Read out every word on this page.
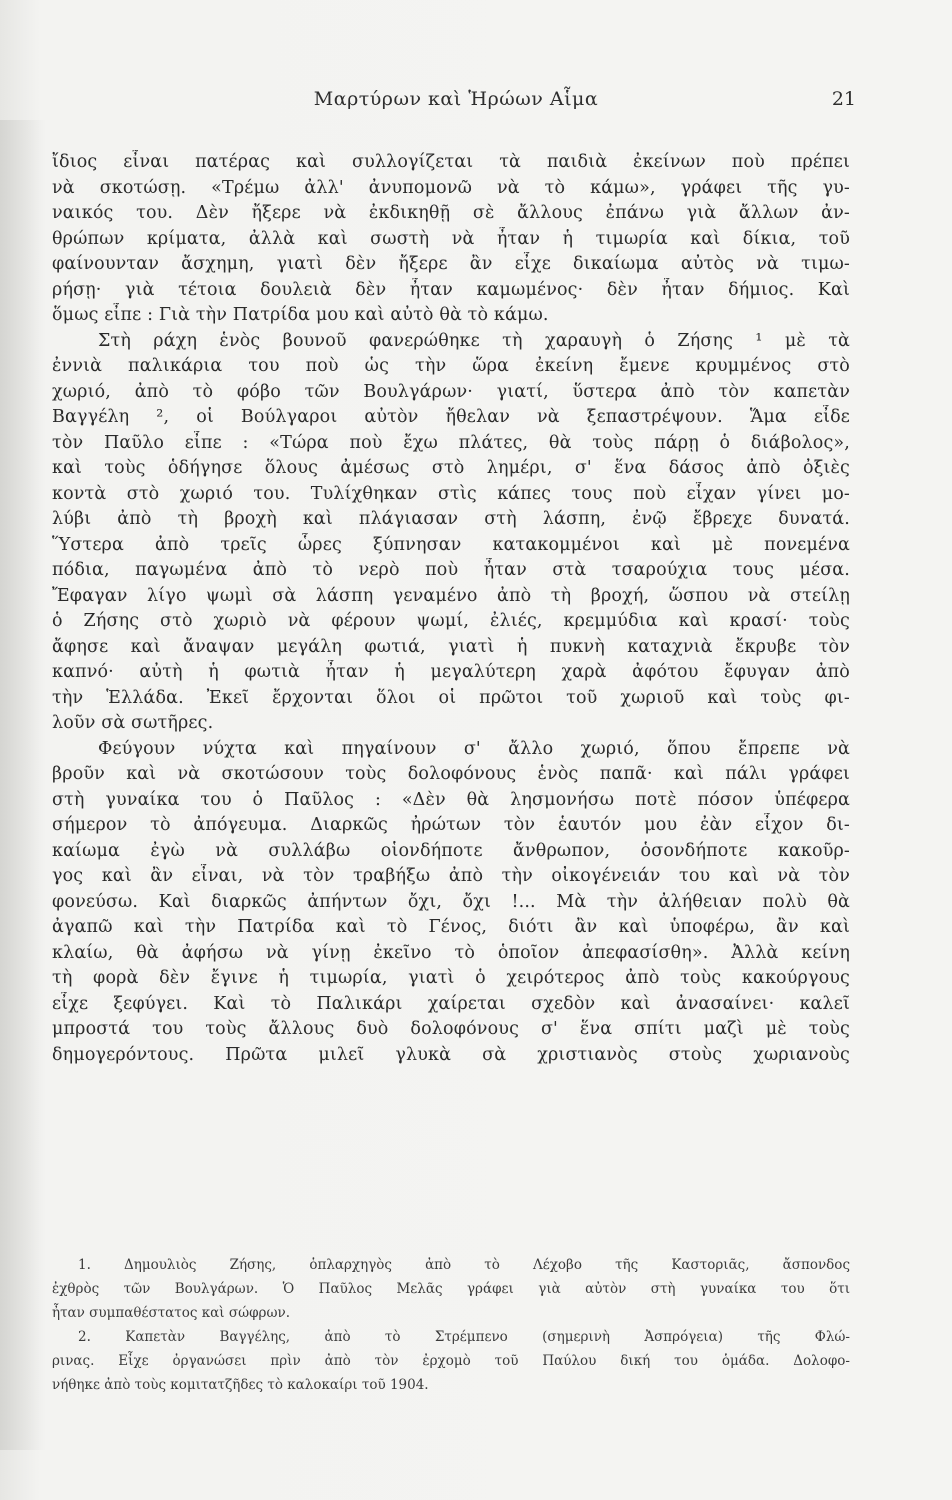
Μαρτύρων καὶ Ἡρώων Αἷμα	21
ἴδιος εἶναι πατέρας καὶ συλλογίζεται τὰ παιδιὰ ἐκείνων ποὺ πρέπει
νὰ σκοτώσῃ. «Τρέμω ἀλλ' ἀνυπομονῶ νὰ τὸ κάμω», γράφει τῆς γυ-
ναικός του. Δὲν ἤξερε νὰ ἐκδικηθῇ σὲ ἄλλους ἐπάνω γιὰ ἄλλων ἀν-
θρώπων κρίματα, ἀλλὰ καὶ σωστὴ νὰ ἦταν ἡ τιμωρία καὶ δίκια, τοῦ
φαίνουνταν ἄσχημη, γιατὶ δὲν ἤξερε ἂν εἶχε δικαίωμα αὐτὸς νὰ τιμω-
ρήσῃ· γιὰ τέτοια δουλειὰ δὲν ἦταν καμωμένος· δὲν ἦταν δήμιος. Καὶ
ὅμως εἶπε : Γιὰ τὴν Πατρίδα μου καὶ αὐτὸ θὰ τὸ κάμω.
Στὴ ράχη ἑνὸς βουνοῦ φανερώθηκε τὴ χαραυγὴ ὁ Ζήσης ¹ μὲ τὰ
ἐννιὰ παλικάρια του ποὺ ὡς τὴν ὥρα ἐκείνη ἔμενε κρυμμένος στὸ
χωριό, ἀπὸ τὸ φόβο τῶν Βουλγάρων· γιατί, ὕστερα ἀπὸ τὸν καπετὰν
Βαγγέλη ², οἱ Βούλγαροι αὐτὸν ἤθελαν νὰ ξεπαστρέψουν. Ἅμα εἶδε
τὸν Παῦλο εἶπε : «Τώρα ποὺ ἔχω πλάτες, θὰ τοὺς πάρῃ ὁ διάβολος»,
καὶ τοὺς ὁδήγησε ὅλους ἀμέσως στὸ λημέρι, σ' ἕνα δάσος ἀπὸ ὀξιὲς
κοντὰ στὸ χωριό του. Τυλίχθηκαν στὶς κάπες τους ποὺ εἶχαν γίνει μο-
λύβι ἀπὸ τὴ βροχὴ καὶ πλάγιασαν στὴ λάσπη, ἐνῷ ἔβρεχε δυνατά.
Ὕστερα ἀπὸ τρεῖς ὧρες ξύπνησαν κατακομμένοι καὶ μὲ πονεμένα
πόδια, παγωμένα ἀπὸ τὸ νερὸ ποὺ ἦταν στὰ τσαρούχια τους μέσα.
Ἔφαγαν λίγο ψωμὶ σὰ λάσπη γεναμένο ἀπὸ τὴ βροχή, ὥσπου νὰ στείλῃ
ὁ Ζήσης στὸ χωριὸ νὰ φέρουν ψωμί, ἐλιές, κρεμμύδια καὶ κρασί· τοὺς
ἄφησε καὶ ἄναψαν μεγάλη φωτιά, γιατὶ ἡ πυκνὴ καταχνιὰ ἔκρυβε τὸν
καπνό· αὐτὴ ἡ φωτιὰ ἦταν ἡ μεγαλύτερη χαρὰ ἀφότου ἔφυγαν ἀπὸ
τὴν Ἑλλάδα. Ἐκεῖ ἔρχονται ὅλοι οἱ πρῶτοι τοῦ χωριοῦ καὶ τοὺς φι-
λοῦν σὰ σωτῆρες.
Φεύγουν νύχτα καὶ πηγαίνουν σ' ἄλλο χωριό, ὅπου ἔπρεπε νὰ
βροῦν καὶ νὰ σκοτώσουν τοὺς δολοφόνους ἑνὸς παπᾶ· καὶ πάλι γράφει
στὴ γυναίκα του ὁ Παῦλος : «Δὲν θὰ λησμονήσω ποτὲ πόσον ὑπέφερα
σήμερον τὸ ἀπόγευμα. Διαρκῶς ἠρώτων τὸν ἑαυτόν μου ἐὰν εἶχον δι-
καίωμα ἐγὼ νὰ συλλάβω οἱονδήποτε ἄνθρωπον, ὁσονδήποτε κακοῦρ-
γος καὶ ἂν εἶναι, νὰ τὸν τραβήξω ἀπὸ τὴν οἰκογένειάν του καὶ νὰ τὸν
φονεύσω. Καὶ διαρκῶς ἀπήντων ὄχι, ὄχι !... Μὰ τὴν ἀλήθειαν πολὺ θὰ
ἀγαπῶ καὶ τὴν Πατρίδα καὶ τὸ Γένος, διότι ἂν καὶ ὑποφέρω, ἂν καὶ
κλαίω, θὰ ἀφήσω νὰ γίνῃ ἐκεῖνο τὸ ὁποῖον ἀπεφασίσθη». Ἀλλὰ κείνη
τὴ φορὰ δὲν ἔγινε ἡ τιμωρία, γιατὶ ὁ χειρότερος ἀπὸ τοὺς κακούργους
εἶχε ξεφύγει. Καὶ τὸ Παλικάρι χαίρεται σχεδὸν καὶ ἀνασαίνει· καλεῖ
μπροστά του τοὺς ἄλλους δυὸ δολοφόνους σ' ἕνα σπίτι μαζὶ μὲ τοὺς
δημογερόντους. Πρῶτα μιλεῖ γλυκὰ σὰ χριστιανὸς στοὺς χωριανοὺς
1. Δημουλιὸς Ζήσης, ὁπλαρχηγὸς ἀπὸ τὸ Λέχοβο τῆς Καστοριᾶς, ἄσπονδος
ἐχθρὸς τῶν Βουλγάρων. Ὁ Παῦλος Μελᾶς γράφει γιὰ αὐτὸν στὴ γυναίκα του ὅτι
ἦταν συμπαθέστατος καὶ σώφρων.
2. Καπετὰν Βαγγέλης, ἀπὸ τὸ Στρέμπενο (σημερινὴ Ἀσπρόγεια) τῆς Φλώ-
ρινας. Εἶχε ὀργανώσει πρὶν ἀπὸ τὸν ἐρχομὸ τοῦ Παύλου δική του ὁμάδα. Δολοφο-
νήθηκε ἀπὸ τοὺς κομιτατζῆδες τὸ καλοκαίρι τοῦ 1904.
